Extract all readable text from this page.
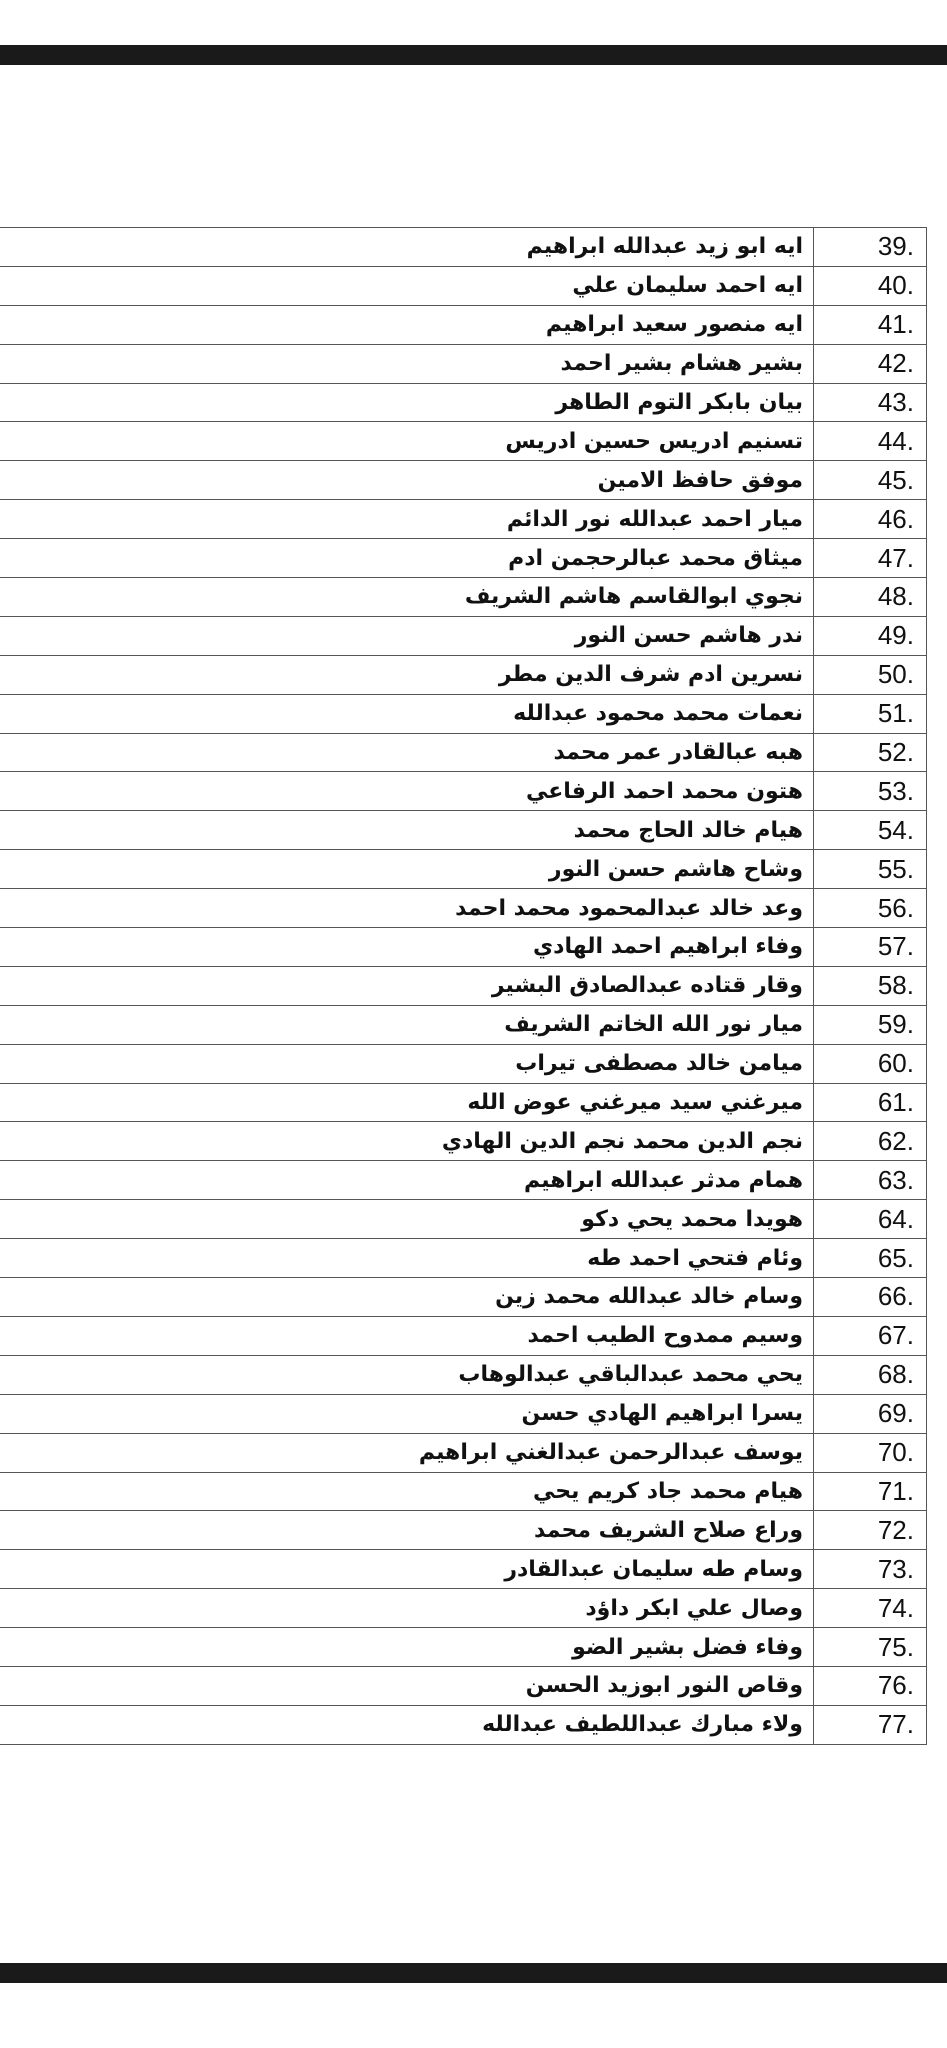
ايه ابو زيد عبدالله ابراهيم	39.
ايه احمد سليمان علي	40.
ايه منصور سعيد ابراهيم	41.
بشير هشام بشير احمد	42.
بيان بابكر التوم الطاهر	43.
تسنيم ادريس حسين ادريس	44.
موفق حافظ الامين	45.
ميار احمد عبدالله نور الدائم	46.
ميثاق محمد عبالرحجمن ادم	47.
نجوي ابوالقاسم هاشم الشريف	48.
ندر هاشم حسن النور	49.
نسرين ادم شرف الدين مطر	50.
نعمات محمد محمود عبدالله	51.
هبه عبالقادر عمر محمد	52.
هتون محمد احمد الرفاعي	53.
هيام خالد الحاج محمد	54.
وشاح هاشم حسن النور	55.
وعد خالد عبدالمحمود محمد احمد	56.
وفاء ابراهيم احمد الهادي	57.
وقار قتاده عبدالصادق البشير	58.
ميار نور الله الخاتم الشريف	59.
ميامن خالد مصطفى تيراب	60.
ميرغني سيد ميرغني عوض الله	61.
نجم الدين محمد نجم الدين الهادي	62.
همام مدثر عبدالله ابراهيم	63.
هويدا محمد يحي دكو	64.
وئام فتحي احمد طه	65.
وسام خالد عبدالله محمد زين	66.
وسيم ممدوح الطيب احمد	67.
يحي محمد عبدالباقي عبدالوهاب	68.
يسرا ابراهيم الهادي حسن	69.
يوسف عبدالرحمن عبدالغني ابراهيم	70.
هيام محمد جاد كريم يحي	71.
وراع صلاح الشريف محمد	72.
وسام طه سليمان عبدالقادر	73.
وصال علي ابكر داؤد	74.
وفاء فضل بشير الضو	75.
وقاص النور ابوزيد الحسن	76.
ولاء مبارك عبداللطيف عبدالله	77.
